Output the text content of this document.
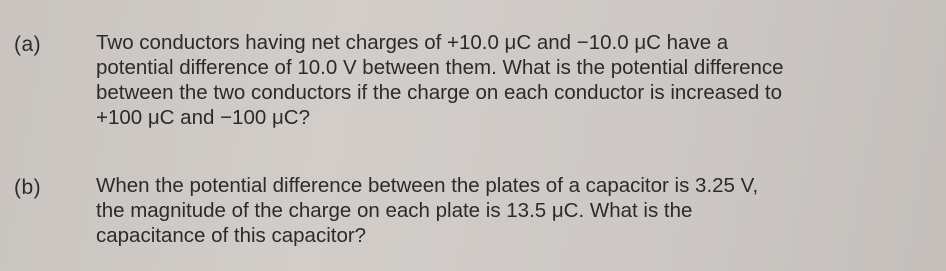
(a)	Two conductors having net charges of +10.0 μC and −10.0 μC have a
potential difference of 10.0 V between them. What is the potential difference
between the two conductors if the charge on each conductor is increased to
+100 μC and −100 μC?
(b)	When the potential difference between the plates of a capacitor is 3.25 V,
the magnitude of the charge on each plate is 13.5 μC. What is the
capacitance of this capacitor?
